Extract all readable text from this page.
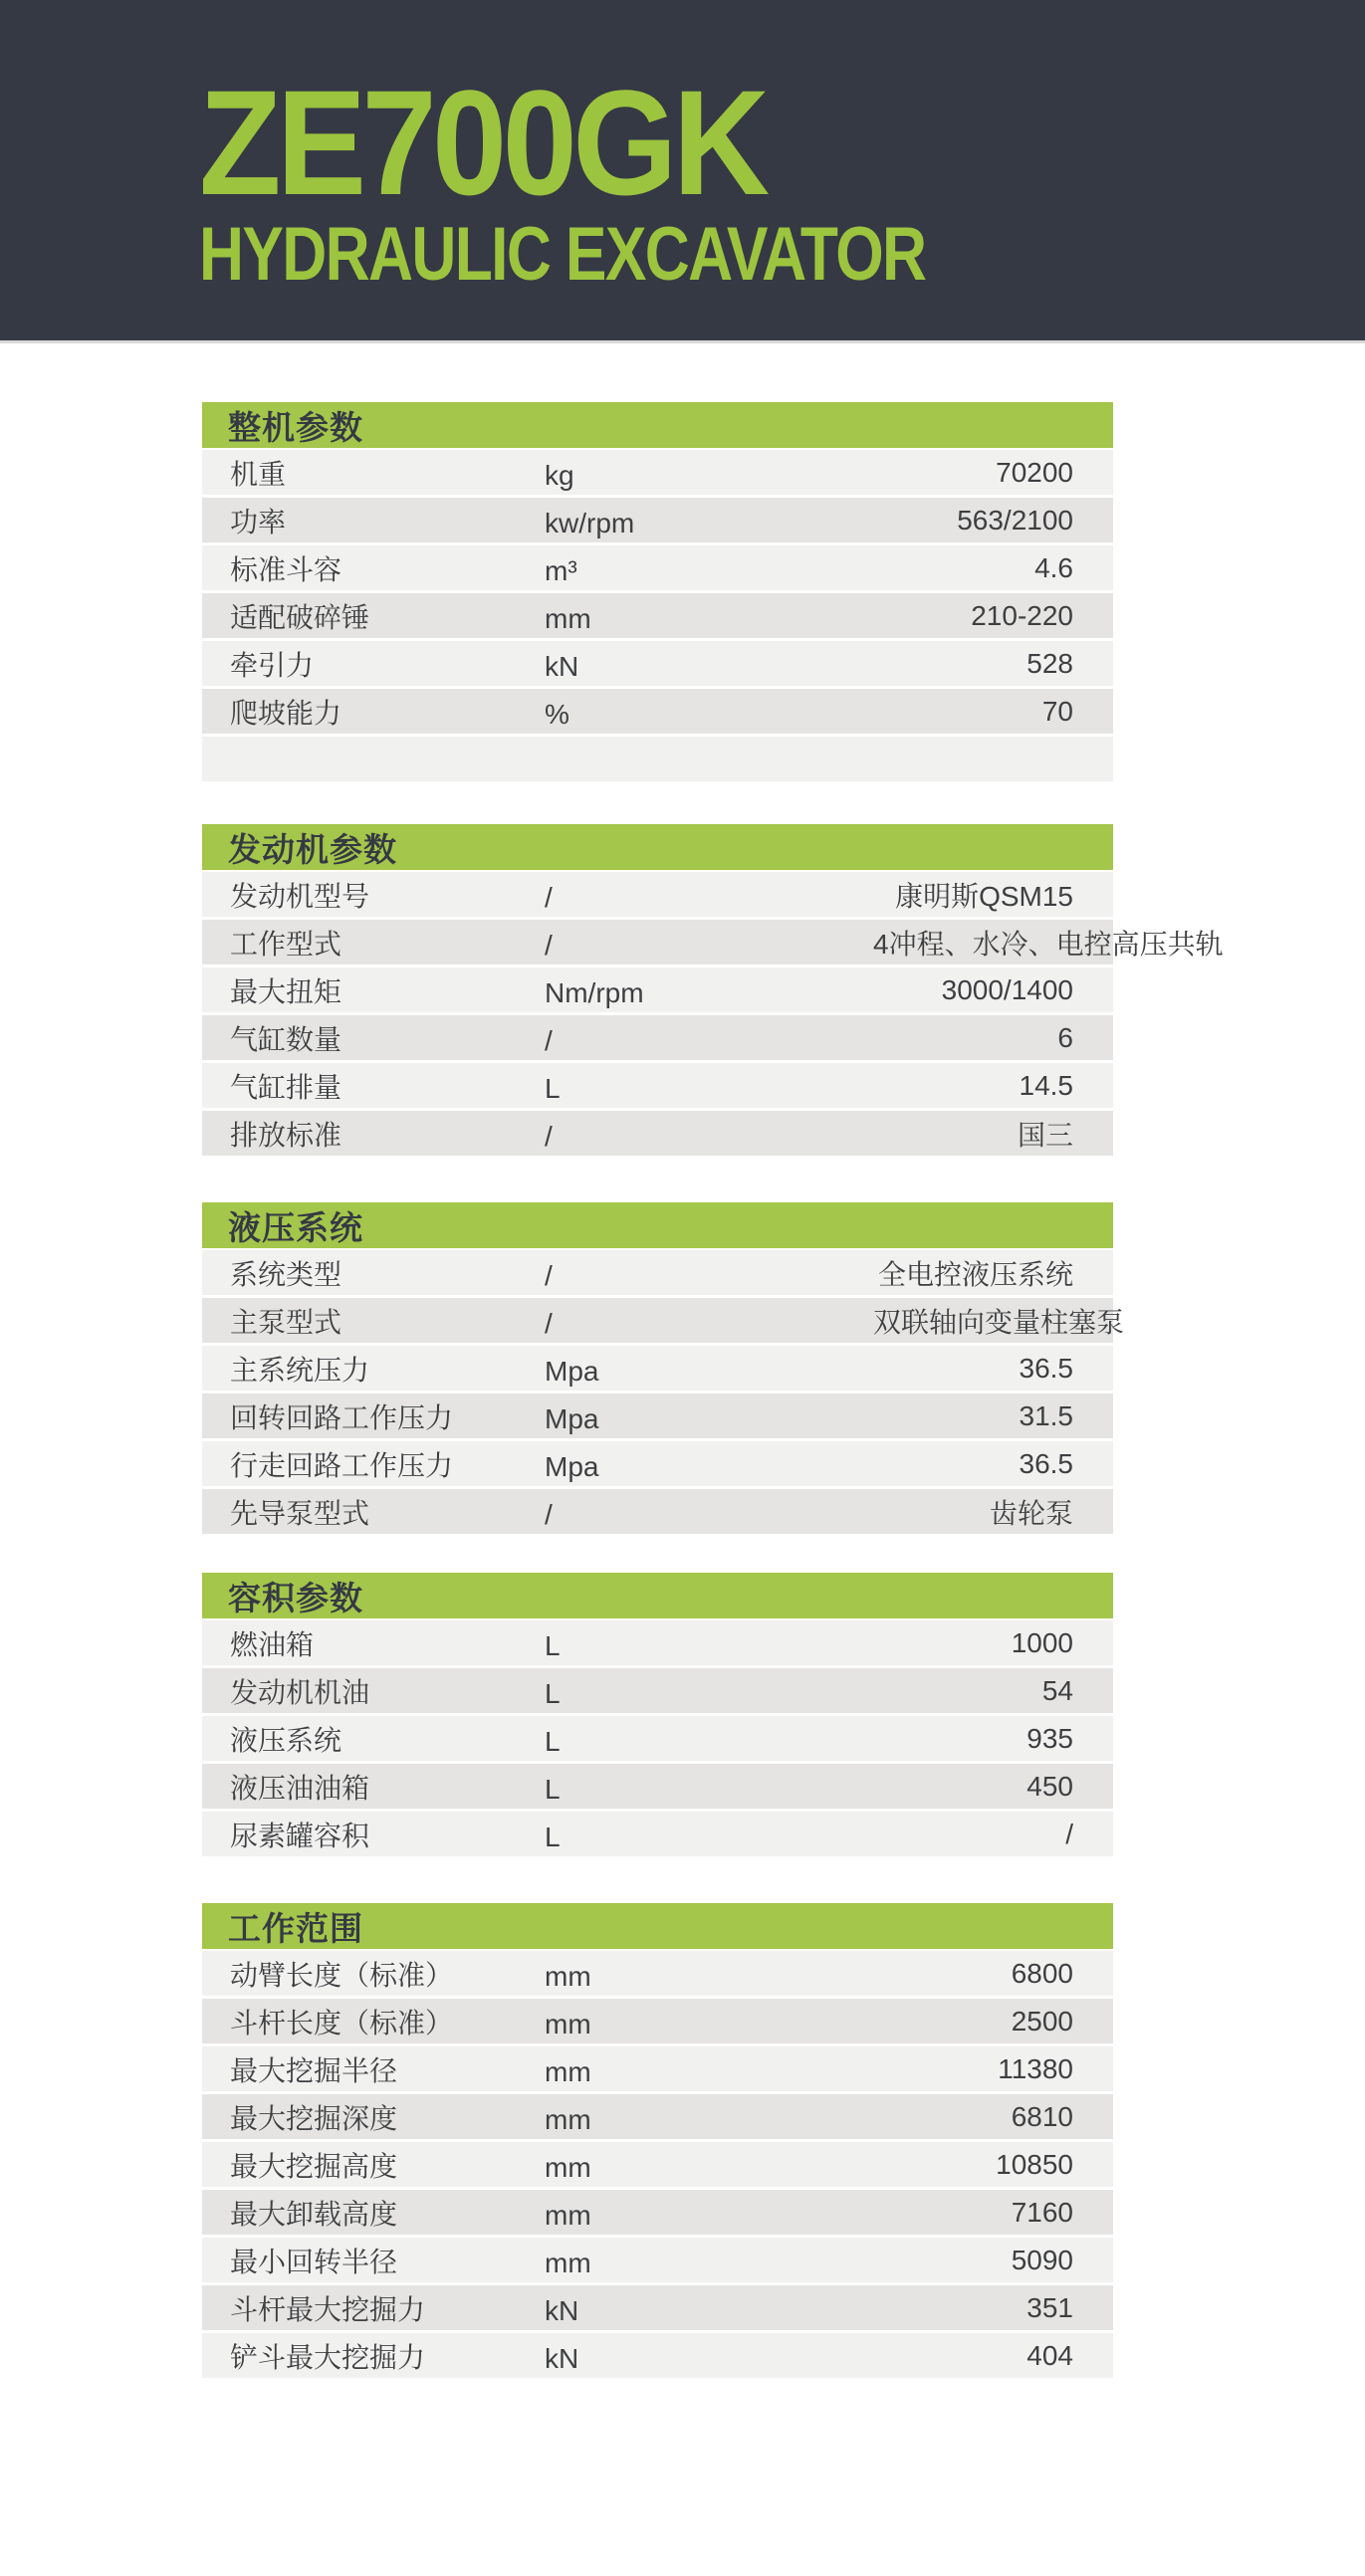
ZE700GK
HYDRAULIC EXCAVATOR
整机参数
机重	kg	70200
功率	kw/rpm	563/2100
标准斗容	m³	4.6
适配破碎锤	mm	210-220
牵引力	kN	528
爬坡能力	%	70
发动机参数
发动机型号	/	康明斯QSM15
工作型式	/	4冲程、水冷、电控高压共轨
最大扭矩	Nm/rpm	3000/1400
气缸数量	/	6
气缸排量	L	14.5
排放标准	/	国三
液压系统
系统类型	/	全电控液压系统
主泵型式	/	双联轴向变量柱塞泵
主系统压力	Mpa	36.5
回转回路工作压力	Mpa	31.5
行走回路工作压力	Mpa	36.5
先导泵型式	/	齿轮泵
容积参数
燃油箱	L	1000
发动机机油	L	54
液压系统	L	935
液压油油箱	L	450
尿素罐容积	L	/
工作范围
动臂长度（标准）	mm	6800
斗杆长度（标准）	mm	2500
最大挖掘半径	mm	11380
最大挖掘深度	mm	6810
最大挖掘高度	mm	10850
最大卸载高度	mm	7160
最小回转半径	mm	5090
斗杆最大挖掘力	kN	351
铲斗最大挖掘力	kN	404
